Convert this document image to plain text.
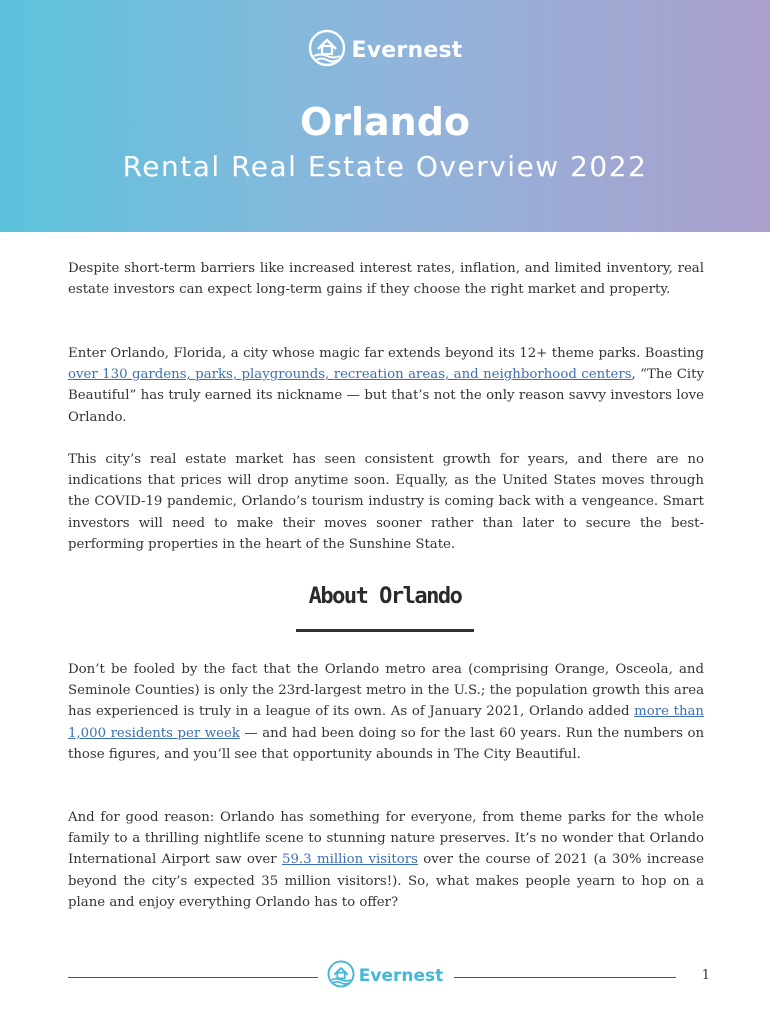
Evernest
Orlando
Rental Real Estate Overview 2022

Despite short-term barriers like increased interest rates, inflation, and limited inventory, real estate investors can expect long-term gains if they choose the right market and property.

Enter Orlando, Florida, a city whose magic far extends beyond its 12+ theme parks. Boasting over 130 gardens, parks, playgrounds, recreation areas, and neighborhood centers, “The City Beautiful” has truly earned its nickname — but that’s not the only reason savvy investors love Orlando.

This city’s real estate market has seen consistent growth for years, and there are no indications that prices will drop anytime soon. Equally, as the United States moves through the COVID-19 pandemic, Orlando’s tourism industry is coming back with a vengeance. Smart investors will need to make their moves sooner rather than later to secure the best-performing properties in the heart of the Sunshine State.

About Orlando

Don’t be fooled by the fact that the Orlando metro area (comprising Orange, Osceola, and Seminole Counties) is only the 23rd-largest metro in the U.S.; the population growth this area has experienced is truly in a league of its own. As of January 2021, Orlando added more than 1,000 residents per week — and had been doing so for the last 60 years. Run the numbers on those figures, and you’ll see that opportunity abounds in The City Beautiful.

And for good reason: Orlando has something for everyone, from theme parks for the whole family to a thrilling nightlife scene to stunning nature preserves. It’s no wonder that Orlando International Airport saw over 59.3 million visitors over the course of 2021 (a 30% increase beyond the city’s expected 35 million visitors!). So, what makes people yearn to hop on a plane and enjoy everything Orlando has to offer?

Evernest	1
